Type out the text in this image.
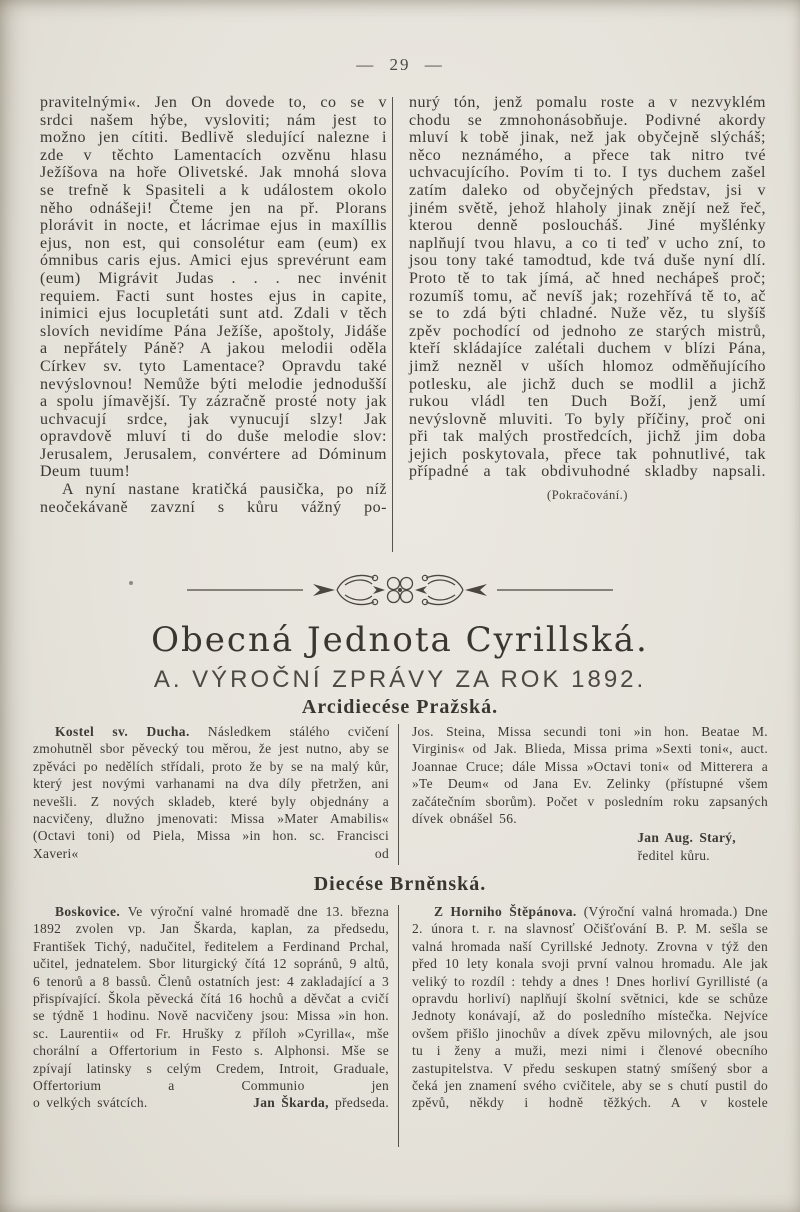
— 29 —

pravitelnými«. Jen On dovede to, co se v srdci našem hýbe, vysloviti; nám jest to možno jen cítiti. Bedlivě sledující nalezne i zde v těchto Lamentacích ozvěnu hlasu Ježíšova na hoře Olivetské. Jak mnohá slova se trefně k Spasiteli a k událostem okolo něho odnášeji! Čteme jen na př. Plorans plorávit in nocte, et lácrimae ejus in maxíllis ejus, non est, qui consolétur eam (eum) ex ómnibus caris ejus. Amici ejus sprevérunt eam (eum) Migrávit Judas . . . nec invénit requiem. Facti sunt hostes ejus in capite, inimici ejus locupletáti sunt atd. Zdali v těch slovích nevidíme Pána Ježíše, apoštoly, Jidáše a nepřátely Páně? A jakou melodii oděla Církev sv. tyto Lamentace? Opravdu také nevýslovnou! Nemůže býti melodie jednodušší a spolu jímavější. Ty zázračně prosté noty jak uchvacují srdce, jak vynucují slzy! Jak opravdově mluví ti do duše melodie slov: Jerusalem, Jerusalem, convértere ad Dóminum Deum tuum!

A nyní nastane kratičká pausička, po níž neočekávaně zavzní s kůru vážný po-

nurý tón, jenž pomalu roste a v nezvyklém chodu se zmnohonásobňuje. Podivné akordy mluví k tobě jinak, než jak obyčejně slýcháš; něco neznámého, a přece tak nitro tvé uchvacujícího. Povím ti to. I tys duchem zašel zatím daleko od obyčejných představ, jsi v jiném světě, jehož hlaholy jinak znějí než řeč, kterou denně posloucháš. Jiné myšlénky naplňují tvou hlavu, a co ti teď v ucho zní, to jsou tony také tamodtud, kde tvá duše nyní dlí. Proto tě to tak jímá, ač hned nechápeš proč; rozumíš tomu, ač nevíš jak; rozehřívá tě to, ač se to zdá býti chladné. Nuže věz, tu slyšíš zpěv pochodící od jednoho ze starých mistrů, kteří skládajíce zalétali duchem v blízi Pána, jimž nezněl v uších hlomoz odměňujícího potlesku, ale jichž duch se modlil a jichž rukou vládl ten Duch Boží, jenž umí nevýslovně mluviti. To byly příčiny, proč oni při tak malých prostředcích, jichž jim doba jejich poskytovala, přece tak pohnutlivé, tak případné a tak obdivuhodné skladby napsali.

(Pokračování.)

Obecná Jednota Cyrillská.
A. VÝROČNÍ ZPRÁVY ZA ROK 1892.
Arcidiecése Pražská.

Kostel sv. Ducha. Následkem stálého cvičení zmohutněl sbor pěvecký tou měrou, že jest nutno, aby se zpěváci po nedělích střídali, proto že by se na malý kůr, který jest novými varhanami na dva díly přetržen, ani nevešli. Z nových skladeb, které byly objednány a nacvičeny, dlužno jmenovati: Missa »Mater Amabilis« (Octavi toni) od Piela, Missa »in hon. sc. Francisci Xaveri« od

Jos. Steina, Missa secundi toni »in hon. Beatae M. Virginis« od Jak. Blieda, Missa prima »Sexti toni«, auct. Joannae Cruce; dále Missa »Octavi toni« od Mitterera a »Te Deum« od Jana Ev. Zelinky (přístupné všem začátečním sborům). Počet v posledním roku zapsaných dívek obnášel 56.

Jan Aug. Starý,
ředitel kůru.
Diecése Brněnská.

Boskovice. Ve výroční valné hromadě dne 13. března 1892 zvolen vp. Jan Škarda, kaplan, za předsedu, František Tichý, nadučitel, ředitelem a Ferdinand Prchal, učitel, jednatelem. Sbor liturgický čítá 12 sopránů, 9 altů, 6 tenorů a 8 bassů. Členů ostatních jest: 4 zakladající a 3 přispívající. Škola pěvecká čítá 16 hochů a děvčat a cvičí se týdně 1 hodinu. Nově nacvičeny jsou: Missa »in hon. sc. Laurentii« od Fr. Hrušky z příloh »Cyrilla«, mše chorální a Offertorium in Festo s. Alphonsi. Mše se zpívají latinsky s celým Credem, Introit, Graduale, Offertorium a Communio jen

o velkých svátcích.	Jan Škarda, předseda.

Z Horniho Štěpánova. (Výroční valná hromada.) Dne 2. února t. r. na slavnosť Očišťování B. P. M. sešla se valná hromada naší Cyrillské Jednoty. Zrovna v týž den před 10 lety konala svoji první valnou hromadu. Ale jak veliký to rozdíl : tehdy a dnes ! Dnes horliví Gyrillisté (a opravdu horliví) naplňují školní světnici, kde se schůze Jednoty konávají, až do posledního místečka. Nejvíce ovšem přišlo jinochův a dívek zpěvu milovných, ale jsou tu i ženy a muži, mezi nimi i členové obecního zastupitelstva. V předu seskupen statný smíšený sbor a čeká jen znamení svého cvičitele, aby se s chutí pustil do zpěvů, někdy i hodně těžkých. A v kostele
